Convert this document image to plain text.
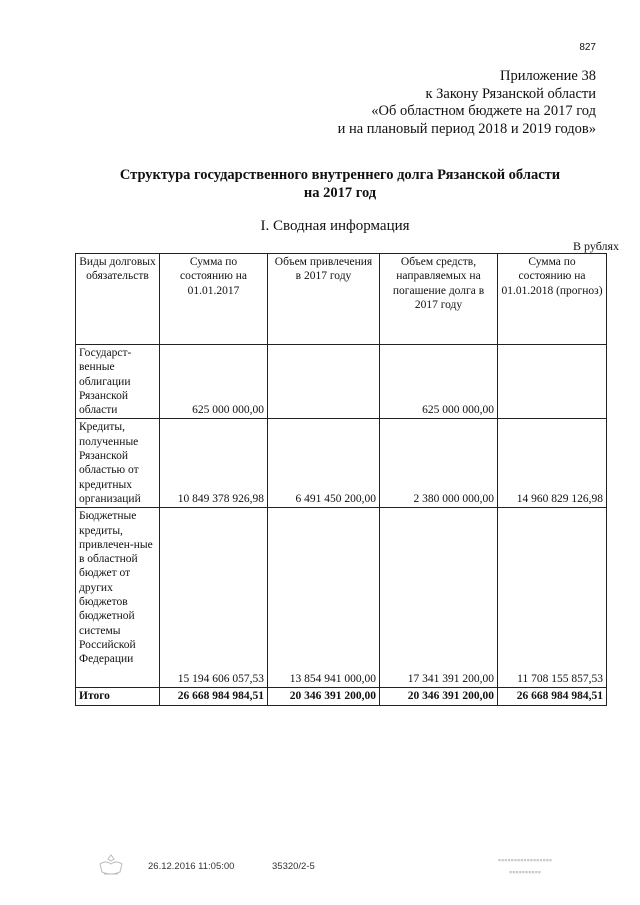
827
Приложение 38
к Закону Рязанской области
«Об областном бюджете на 2017 год
и на плановый период 2018 и 2019 годов»
Структура государственного внутреннего долга Рязанской области
на 2017 год
I. Сводная информация
В рублях
Виды долговых обязательств	Сумма по состоянию на 01.01.2017	Объем привлечения в 2017 году	Объем средств, направляемых на погашение долга в 2017 году	Сумма по состоянию на 01.01.2018 (прогноз)
Государст-венные облигации Рязанской области	625 000 000,00		625 000 000,00	
Кредиты, полученные Рязанской областью от кредитных организаций	10 849 378 926,98	6 491 450 200,00	2 380 000 000,00	14 960 829 126,98
Бюджетные кредиты, привлечен-ные в областной бюджет от других бюджетов бюджетной системы Российской Федерации	15 194 606 057,53	13 854 941 000,00	17 341 391 200,00	11 708 155 857,53
Итого	26 668 984 984,51	20 346 391 200,00	20 346 391 200,00	26 668 984 984,51
26.12.2016 11:05:00	35320/2-5
▪▪▪▪▪▪▪▪▪▪▪▪▪▪▪▪▪
▪▪▪▪▪▪▪▪▪▪
